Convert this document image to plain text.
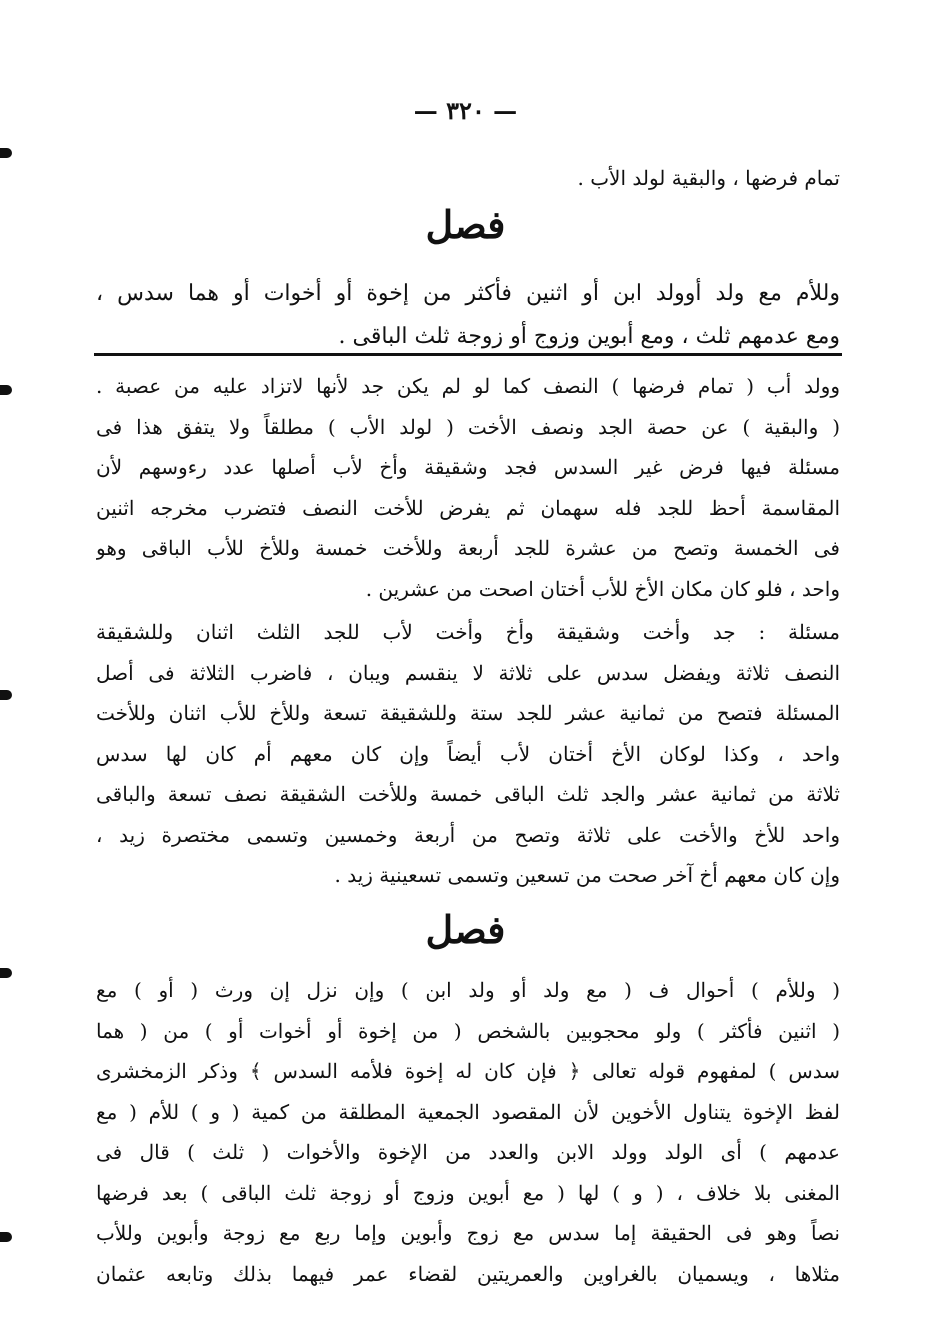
— ٣٢٠ —
تمام فرضها ، والبقية لولد الأب .
فصل
وللأم مع ولد أوولد ابن أو اثنين فأكثر من إخوة أو أخوات أو هما سدس ،
ومع عدمهم ثلث ، ومع أبوين وزوج أو زوجة ثلث الباقى .
وولد أب ( تمام فرضها ) النصف كما لو لم يكن جد لأنها لاتزاد عليه من عصبة .
( والبقية ) عن حصة الجد ونصف الأخت ( لولد الأب ) مطلقاً ولا يتفق هذا فى
مسئلة فيها فرض غير السدس فجد وشقيقة وأخ لأب أصلها عدد رءوسهم لأن
المقاسمة أحظ للجد فله سهمان ثم يفرض للأخت النصف فتضرب مخرجه اثنين
فى الخمسة وتصح من عشرة للجد أربعة وللأخت خمسة وللأخ للأب الباقى وهو
واحد ، فلو كان مكان الأخ للأب أختان اصحت من عشرين .
مسئلة : جد وأخت وشقيقة وأخ وأخت لأب للجد الثلث اثنان وللشقيقة
النصف ثلاثة ويفضل سدس على ثلاثة لا ينقسم ويبان ، فاضرب الثلاثة فى أصل
المسئلة فتصح من ثمانية عشر للجد ستة وللشقيقة تسعة وللأخ للأب اثنان وللأخت
واحد ، وكذا لوكان الأخ أختان لأب أيضاً وإن كان معهم أم كان لها سدس
ثلاثة من ثمانية عشر والجد ثلث الباقى خمسة وللأخت الشقيقة نصف تسعة والباقى
واحد للأخ والأخت على ثلاثة وتصح من أربعة وخمسين وتسمى مختصرة زيد ،
وإن كان معهم أخ آخر صحت من تسعين وتسمى تسعينية زيد .
فصل
( وللأم ) أحوال ف ( مع ولد أو ولد ابن ) وإن نزل إن ورث ( أو ) مع
( اثنين فأكثر ) ولو محجوبين بالشخص ( من إخوة أو أخوات أو ) من ( هما
سدس ) لمفهوم قوله تعالى ﴿ فإن كان له إخوة فلأمه السدس ﴾ وذكر الزمخشرى
لفظ الإخوة يتناول الأخوين لأن المقصود الجمعية المطلقة من كمية ( و ) للأم ( مع
عدمهم ) أى الولد وولد الابن والعدد من الإخوة والأخوات ( ثلث ) قال فى
المغنى بلا خلاف ، ( و ) لها ( مع أبوين وزوج أو زوجة ثلث الباقى ) بعد فرضها
نصاً وهو فى الحقيقة إما سدس مع زوج وأبوين وإما ربع مع زوجة وأبوين وللأب
مثلاها ، ويسميان بالغراوين والعمريتين لقضاء عمر فيهما بذلك وتابعه عثمان
